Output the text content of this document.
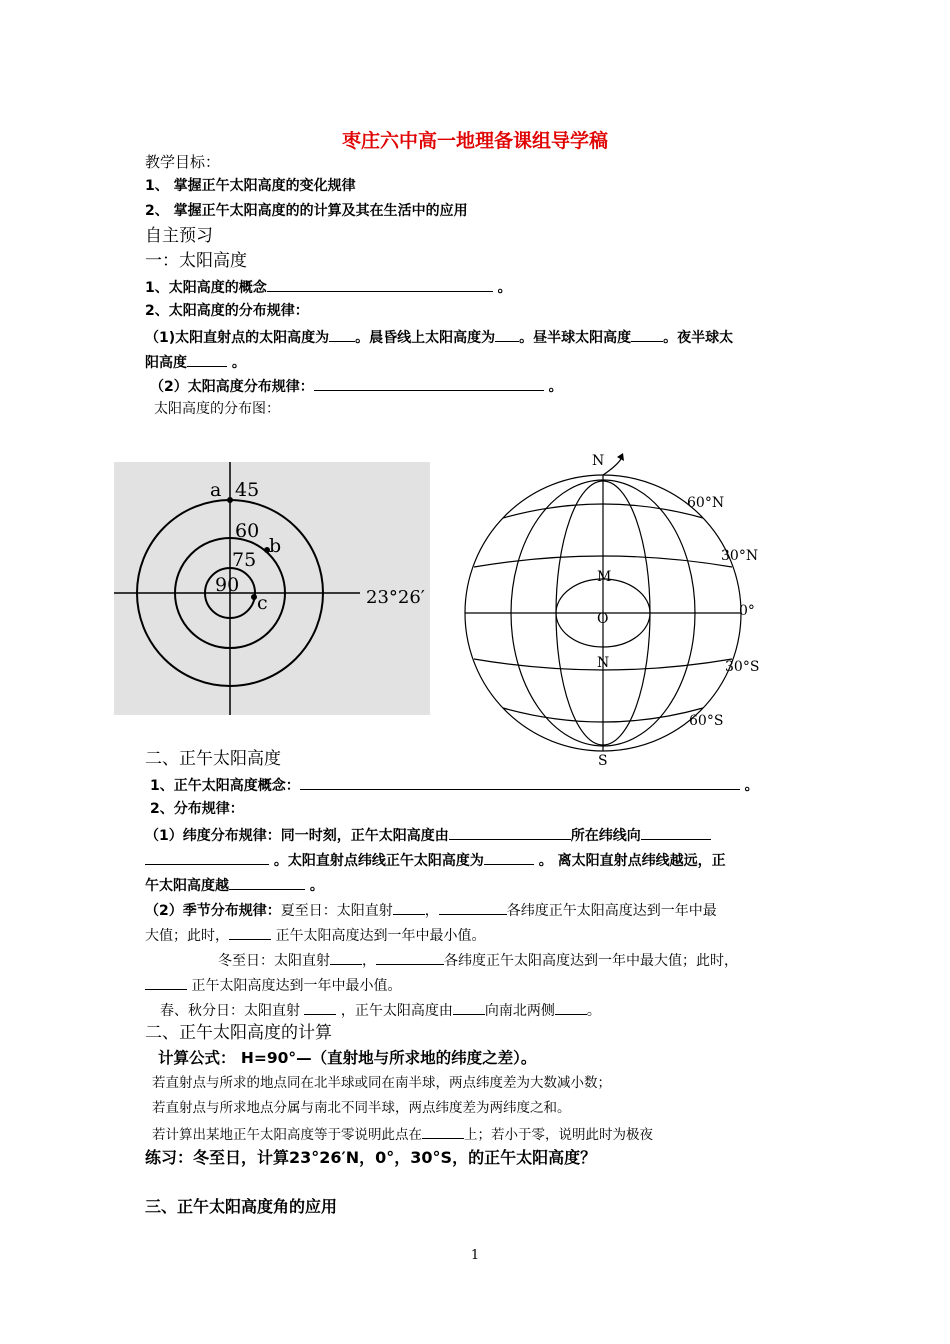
枣庄六中高一地理备课组导学稿
教学目标：
1、 掌握正午太阳高度的变化规律
2、 掌握正午太阳高度的的计算及其在生活中的应用
自主预习
一：太阳高度
1、太阳高度的概念	。
2、太阳高度的分布规律：
（1)太阳直射点的太阳高度为 。晨昏线上太阳高度为 。昼半球太阳高度 。夜半球太
阳高度	。
（2）太阳高度分布规律：	。
太阳高度的分布图：
a 45
60
75
b
90
c	23°26′
N
60°N
30°N
0°
30°S
60°S
M
O
N
S
二、正午太阳高度
1、正午太阳高度概念：	。
2、分布规律：
（1）纬度分布规律：同一时刻，正午太阳高度由	所在纬线向
。太阳直射点纬线正午太阳高度为	。 离太阳直射点纬线越远，正
午太阳高度越	。
（2）季节分布规律：夏至日：太阳直射 ，	各纬度正午太阳高度达到一年中最
大值；此时，	正午太阳高度达到一年中最小值。
冬至日：太阳直射 ，	各纬度正午太阳高度达到一年中最大值；此时，
正午太阳高度达到一年中最小值。
春、秋分日：太阳直射	，正午太阳高度由 向南北两侧 。
二、正午太阳高度的计算
计算公式： H=90°—（直射地与所求地的纬度之差）。
若直射点与所求的地点同在北半球或同在南半球，两点纬度差为大数减小数；
若直射点与所求地点分属与南北不同半球，两点纬度差为两纬度之和。
若计算出某地正午太阳高度等于零说明此点在	上；若小于零，说明此时为极夜
练习：冬至日，计算23°26′N，0°，30°S，的正午太阳高度？
三、正午太阳高度角的应用
1
